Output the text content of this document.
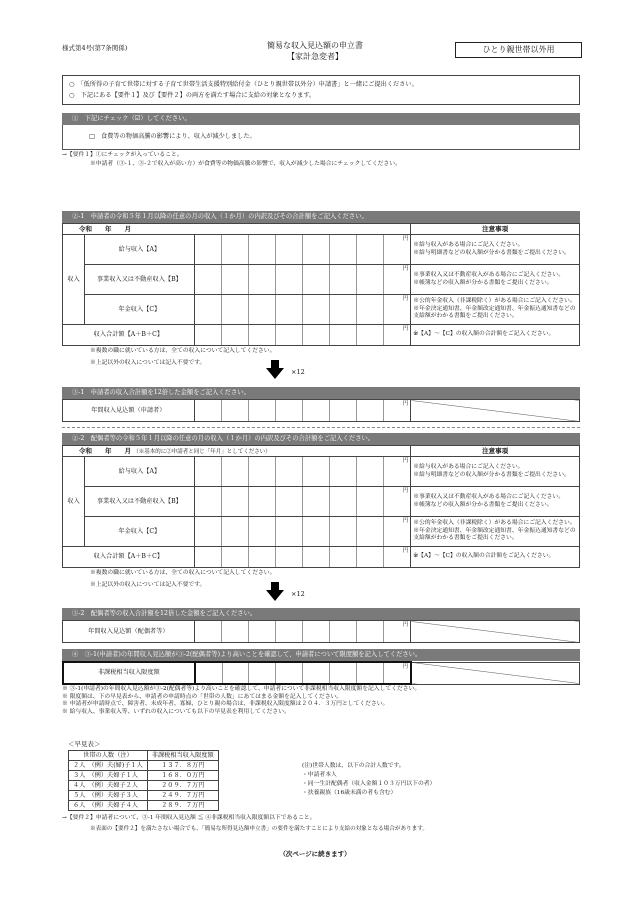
様式第4号(第7条関係)	簡易な収入見込額の申立書
【家計急変者】
ひとり親世帯以外用
○　「低所得の子育て世帯に対する子育て世帯生活支援特別給付金（ひとり親世帯以外分）申請書」と一緒にご提出ください。
○　下記にある【要件１】及び【要件２】の両方を満たす場合に支給の対象となります。
①　下記にチェック（☑）してください。
□　食費等の物価高騰の影響により、収入が減少しました。
→【要件１】①にチェックが入っていること。
※申請者（③-１、③-２で収入が高い方）が食費等の物価高騰の影響で、収入が減少した場合にチェックしてください。
②-1　申請者の令和５年１月以降の任意の月の収入（１か月）の内訳及びその合計額をご記入ください。
令和　　年　　月			注意事項
収入	給与収入【A】	円	※給与収入がある場合にご記入ください。
※給与明細書などの収入額が分かる書類をご提出ください。

	事業収入又は不動産収入【B】	円	※事業収入又は不動産収入がある場合にご記入ください。
※帳簿などの収入額が分かる書類をご提出ください。

	年金収入【C】	円	※公的年金収入（非課税除く）がある場合にご記入ください。
※年金決定通知書、年金額改定通知書、年金振込通知書などの支給額がわかる書類をご提出ください。

収入合計額【A＋B＋C】		円	※【A】～【C】の収入額の合計額をご記入ください。
※複数の職に就いている方は、全ての収入について記入してください。
※上記以外の収入については記入不要です。
×12
③-1　申請者の収入合計額を12倍した金額をご記入ください。
年間収入見込額（申請者）	
円

②-2　配偶者等の令和５年１月以降の任意の月の収入（１か月）の内訳及びその合計額をご記入ください。
令和　　年　　月 （※基本的に②申請者と同じ「年月」としてください）			注意事項
収入	給与収入【A】	円	※給与収入がある場合にご記入ください。
※給与明細書などの収入額が分かる書類をご提出ください。

	事業収入又は不動産収入【B】	円	※事業収入又は不動産収入がある場合にご記入ください。
※帳簿などの収入額が分かる書類をご提出ください。

	年金収入【C】	円	※公的年金収入（非課税除く）がある場合にご記入ください。
※年金決定通知書、年金額改定通知書、年金振込通知書などの支給額がわかる書類をご提出ください。

収入合計額【A＋B＋C】		円	※【A】～【C】の収入額の合計額をご記入ください。
※複数の職に就いている方は、全ての収入について記入してください。
※上記以外の収入については記入不要です。
×12
③-2　配偶者等の収入合計額を12倍した金額をご記入ください。
年間収入見込額（配偶者等）	
円

④　③-1(申請者)の年間収入見込額が③-2(配偶者等)より高いことを確認して、申請者について限度額を記入してください。
非課税相当収入限度額	
円

※ ③-1(申請者)の年間収入見込額が③-2(配偶者等)より高いことを確認して、申請者について非課税相当収入限度額を記入してください。
※ 限度額は、下の早見表から、申請者の申請時点の「世帯の人数」にあてはまる金額を記入してください。
※ 申請者が申請時点で、障害者、未成年者、寡婦、ひとり親の場合は、非課税収入限度額は２０４．３万円としてください。
※ 給与収入、事業収入等、いずれの収入についても以下の早見表を利用してください。
＜早見表＞
世帯の人数（注）	非課税相当収入限度額
２人　（例）夫(婦)子１人	１３７．８万円
３人　（例）夫婦子１人	１６８．０万円
４人　（例）夫婦子２人	２０９．７万円
５人　（例）夫婦子３人	２４９．７万円
６人　（例）夫婦子４人	２８９．７万円
(注)世帯人数は、以下の合計人数です。
・申請者本人
・同一生計配偶者（収入金額１０３万円以下の者）
・扶養親族（16歳未満の者も含む）
→【要件２】申請者について、③-1 年間収入見込額 ≦ ④非課税相当収入限度額以下であること。
※表面の【要件２】を満たさない場合でも、「簡易な所得見込額申立書」の要件を満たすことにより支給の対象となる場合があります。
（次ページに続きます）
